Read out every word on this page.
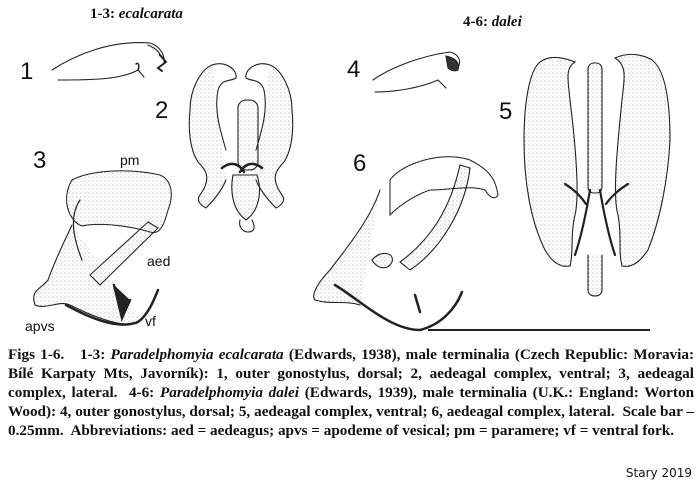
1-3: ecalcarata	4-6: dalei
1
2
3
4
5
6
pm
aed
apvs	vf
Figs 1-6. 1-3: Paradelphomyia ecalcarata (Edwards, 1938), male terminalia (Czech Republic: Moravia: Bílé Karpaty Mts, Javorník): 1, outer gonostylus, dorsal; 2, aedeagal complex, ventral; 3, aedeagal complex, lateral. 4-6: Paradelphomyia dalei (Edwards, 1939), male terminalia (U.K.: England: Worton Wood): 4, outer gonostylus, dorsal; 5, aedeagal complex, ventral; 6, aedeagal complex, lateral. Scale bar – 0.25mm. Abbreviations: aed = aedeagus; apvs = apodeme of vesical; pm = paramere; vf = ventral fork.
Stary 2019
